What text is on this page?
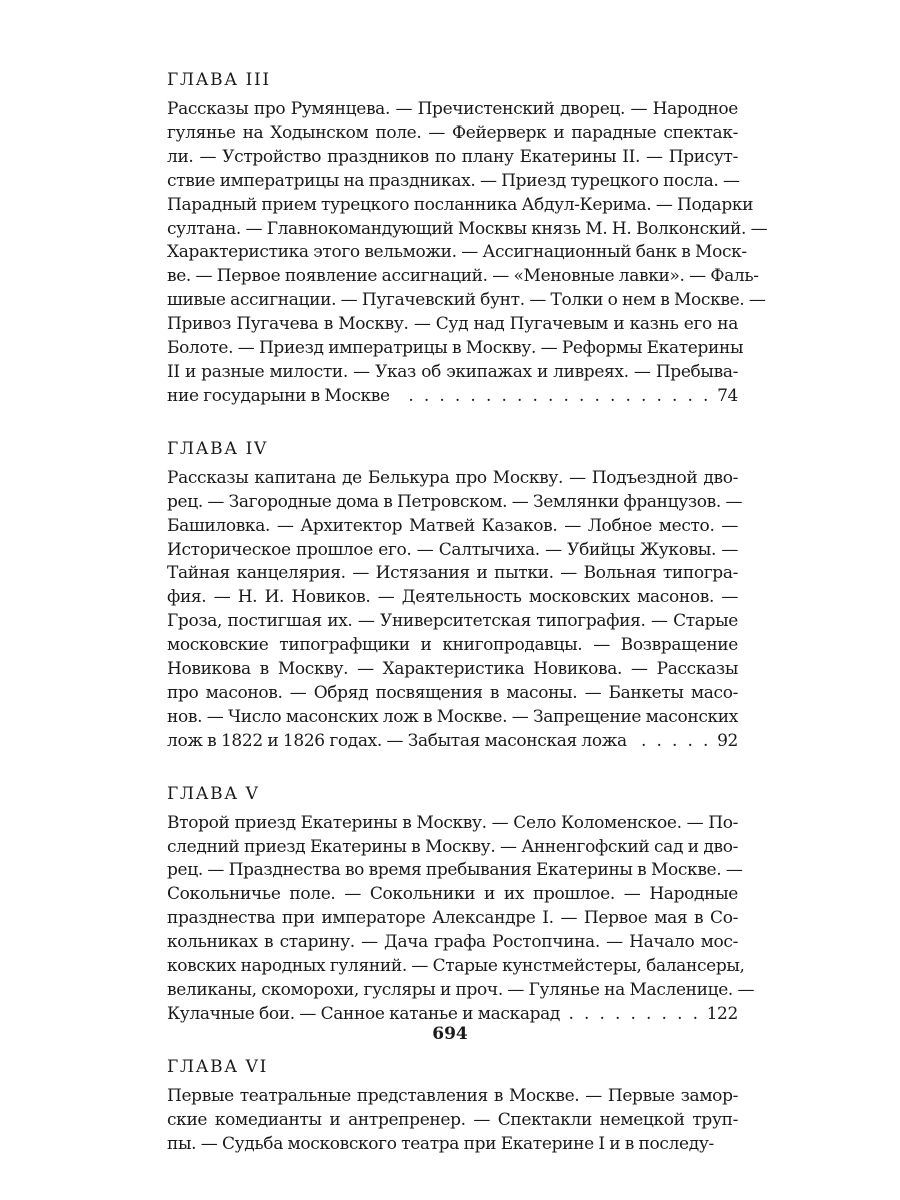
ГЛАВА III
Рассказы про Румянцева. — Пречистенский дворец. — Народное
гулянье на Ходынском поле. — Фейерверк и парадные спектак-
ли. — Устройство праздников по плану Екатерины II. — Присут-
ствие императрицы на праздниках. — Приезд турецкого посла. —
Парадный прием турецкого посланника Абдул-Керима. — Подарки
султана. — Главнокомандующий Москвы князь М. Н. Волконский. —
Характеристика этого вельможи. — Ассигнационный банк в Моск-
ве. — Первое появление ассигнаций. — «Меновные лавки». — Фаль-
шивые ассигнации. — Пугачевский бунт. — Толки о нем в Москве. —
Привоз Пугачева в Москву. — Суд над Пугачевым и казнь его на
Болоте. — Приезд императрицы в Москву. — Реформы Екатерины
II и разные милости. — Указ об экипажах и ливреях. — Пребыва-
ние государыни в Москве . . .	74
ГЛАВА IV
Рассказы капитана де Белькура про Москву. — Подъездной дво-
рец. — Загородные дома в Петровском. — Землянки французов. —
Башиловка. — Архитектор Матвей Казаков. — Лобное место. —
Историческое прошлое его. — Салтычиха. — Убийцы Жуковы. —
Тайная канцелярия. — Истязания и пытки. — Вольная типогра-
фия. — Н. И. Новиков. — Деятельность московских масонов. —
Гроза, постигшая их. — Университетская типография. — Старые
московские типографщики и книгопродавцы. — Возвращение
Новикова в Москву. — Характеристика Новикова. — Рассказы
про масонов. — Обряд посвящения в масоны. — Банкеты масо-
нов. — Число масонских лож в Москве. — Запрещение масонских
лож в 1822 и 1826 годах. — Забытая масонская ложа . . .	92
ГЛАВА V
Второй приезд Екатерины в Москву. — Село Коломенское. — По-
следний приезд Екатерины в Москву. — Анненгофский сад и дво-
рец. — Празднества во время пребывания Екатерины в Москве. —
Сокольничье поле. — Сокольники и их прошлое. — Народные
празднества при императоре Александре I. — Первое мая в Со-
кольниках в старину. — Дача графа Ростопчина. — Начало мос-
ковских народных гуляний. — Старые кунстмейстеры, балансеры,
великаны, скоморохи, гусляры и проч. — Гулянье на Масленице. —
Кулачные бои. — Санное катанье и маскарад . . .	122
ГЛАВА VI
Первые театральные представления в Москве. — Первые замор-
ские комедианты и антрепренер. — Спектакли немецкой труп-
пы. — Судьба московского театра при Екатерине I и в последу-
694
